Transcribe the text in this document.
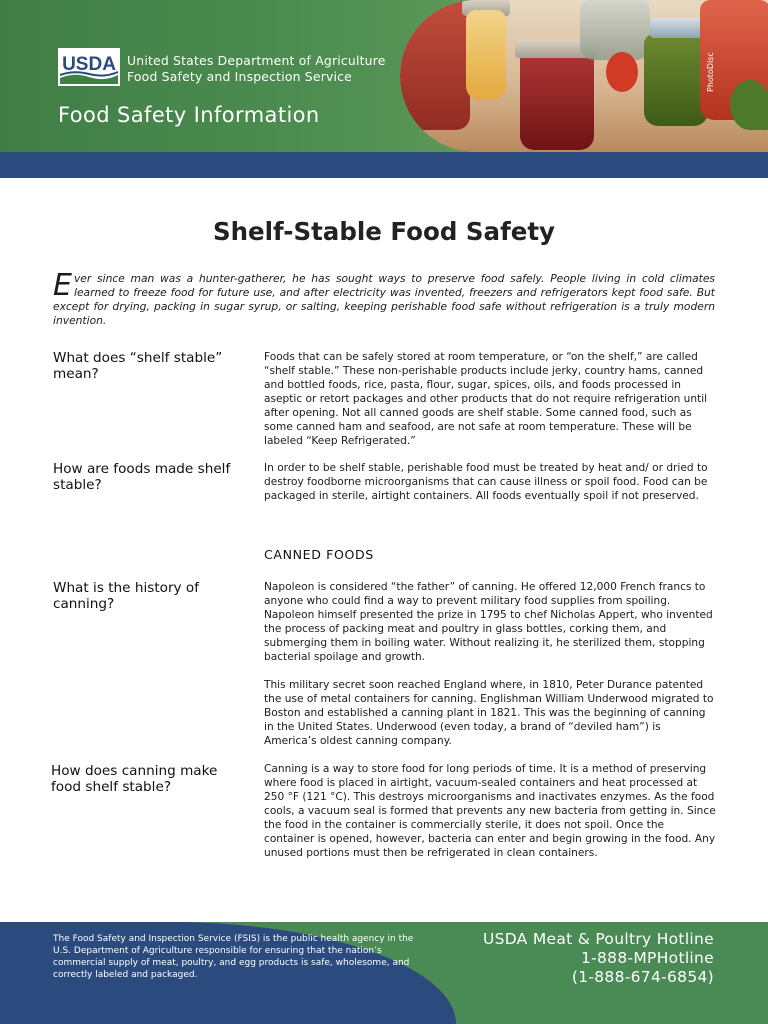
USDA United States Department of Agriculture
Food Safety and Inspection Service
Food Safety Information
PhotoDisc
Shelf-Stable Food Safety
Ever since man was a hunter-gatherer, he has sought ways to preserve food safely. People living in cold climates learned to freeze food for future use, and after electricity was invented, freezers and refrigerators kept food safe. But except for drying, packing in sugar syrup, or salting, keeping perishable food safe without refrigeration is a truly modern invention.
What does “shelf stable” mean?
Foods that can be safely stored at room temperature, or “on the shelf,” are called “shelf stable.” These non-perishable products include jerky, country hams, canned and bottled foods, rice, pasta, flour, sugar, spices, oils, and foods processed in aseptic or retort packages and other products that do not require refrigeration until after opening. Not all canned goods are shelf stable. Some canned food, such as some canned ham and seafood, are not safe at room temperature. These will be labeled “Keep Refrigerated.”
How are foods made shelf stable?
In order to be shelf stable, perishable food must be treated by heat and/ or dried to destroy foodborne microorganisms that can cause illness or spoil food. Food can be packaged in sterile, airtight containers. All foods eventually spoil if not preserved.
CANNED FOODS
What is the history of canning?
Napoleon is considered “the father” of canning. He offered 12,000 French francs to anyone who could find a way to prevent military food supplies from spoiling. Napoleon himself presented the prize in 1795 to chef Nicholas Appert, who invented the process of packing meat and poultry in glass bottles, corking them, and submerging them in boiling water. Without realizing it, he sterilized them, stopping bacterial spoilage and growth.
This military secret soon reached England where, in 1810, Peter Durance patented the use of metal containers for canning. Englishman William Underwood migrated to Boston and established a canning plant in 1821. This was the beginning of canning in the United States. Underwood (even today, a brand of “deviled ham”) is America’s oldest canning company.
How does canning make food shelf stable?
Canning is a way to store food for long periods of time. It is a method of preserving where food is placed in airtight, vacuum-sealed containers and heat processed at 250 °F (121 °C). This destroys microorganisms and inactivates enzymes. As the food cools, a vacuum seal is formed that prevents any new bacteria from getting in. Since the food in the container is commercially sterile, it does not spoil. Once the container is opened, however, bacteria can enter and begin growing in the food. Any unused portions must then be refrigerated in clean containers.
The Food Safety and Inspection Service (FSIS) is the public health agency in the U.S. Department of Agriculture responsible for ensuring that the nation’s commercial supply of meat, poultry, and egg products is safe, wholesome, and correctly labeled and packaged.
USDA Meat & Poultry Hotline
1-888-MPHotline
(1-888-674-6854)
